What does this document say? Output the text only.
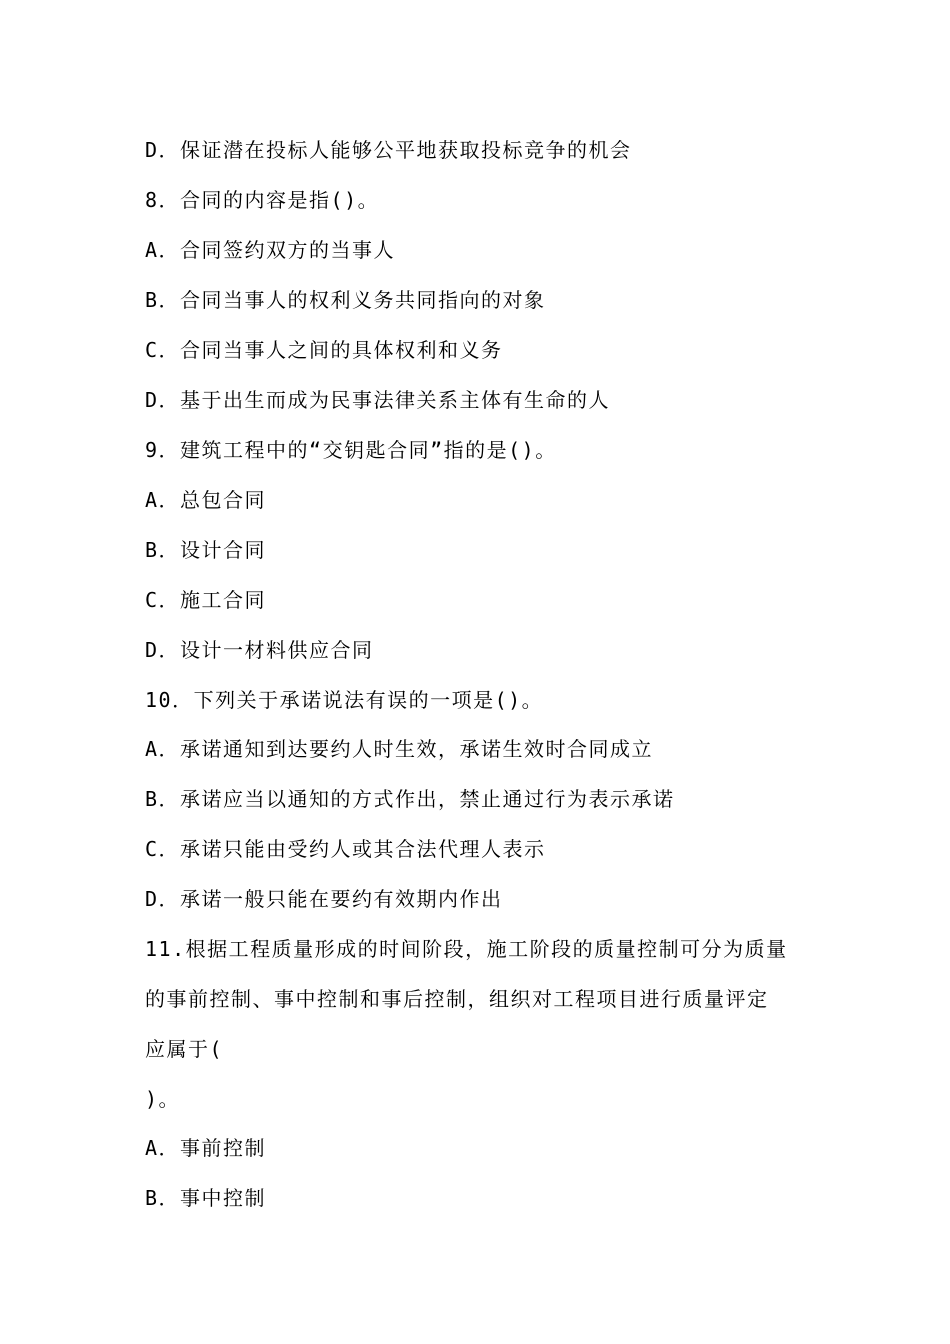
D．保证潜在投标人能够公平地获取投标竞争的机会
8．合同的内容是指()。
A．合同签约双方的当事人
B．合同当事人的权利义务共同指向的对象
C．合同当事人之间的具体权利和义务
D．基于出生而成为民事法律关系主体有生命的人
9．建筑工程中的“交钥匙合同”指的是()。
A．总包合同
B．设计合同
C．施工合同
D．设计一材料供应合同
10．下列关于承诺说法有误的一项是()。
A．承诺通知到达要约人时生效，承诺生效时合同成立
B．承诺应当以通知的方式作出，禁止通过行为表示承诺
C．承诺只能由受约人或其合法代理人表示
D．承诺一般只能在要约有效期内作出
11.根据工程质量形成的时间阶段，施工阶段的质量控制可分为质量
的事前控制、事中控制和事后控制，组织对工程项目进行质量评定
应属于(
)。
A．事前控制
B．事中控制
